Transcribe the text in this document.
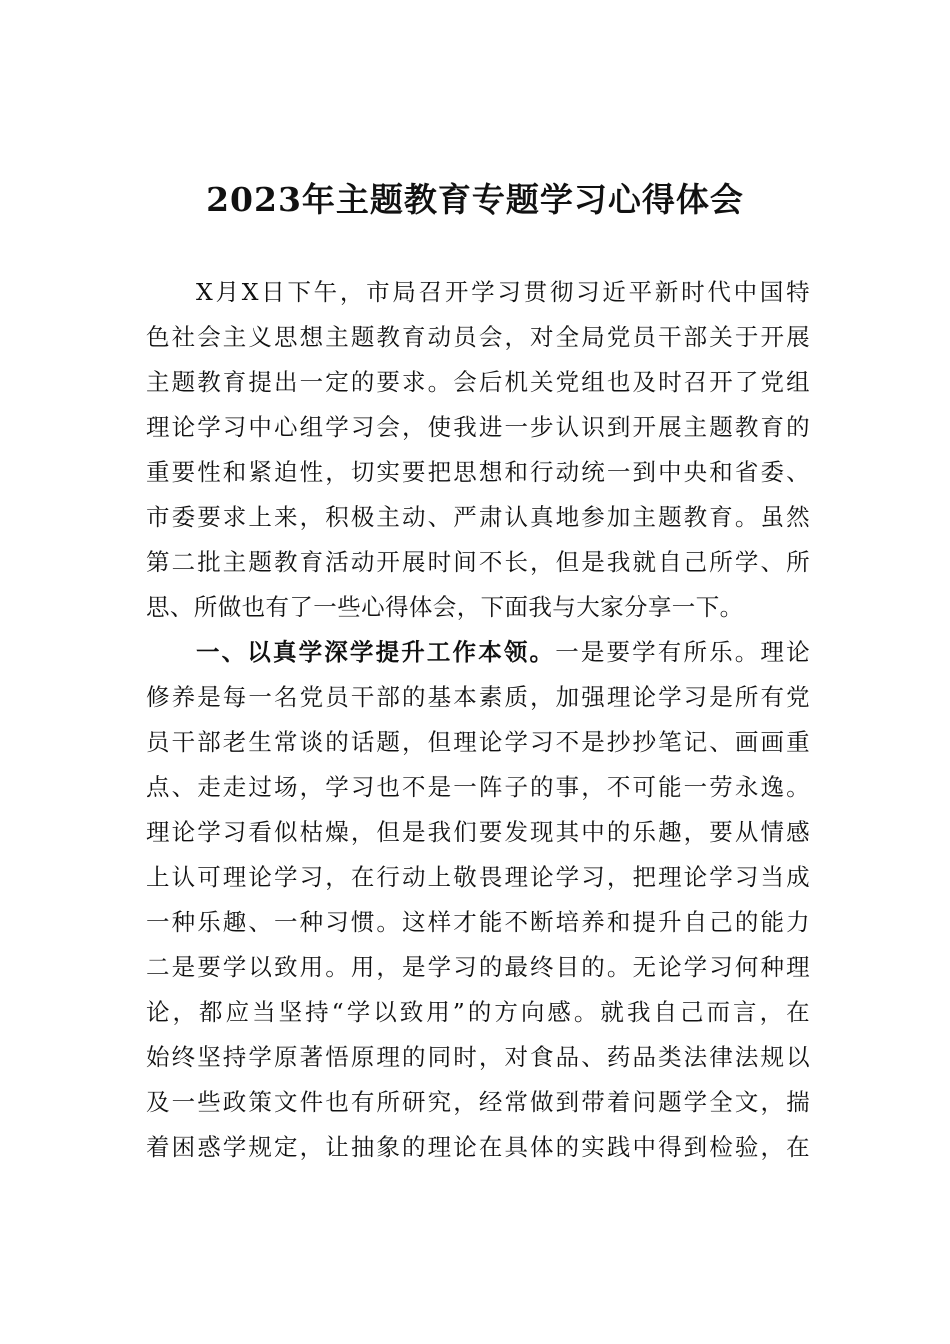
2023年主题教育专题学习心得体会
X月X日下午，市局召开学习贯彻习近平新时代中国特
色社会主义思想主题教育动员会，对全局党员干部关于开展
主题教育提出一定的要求。会后机关党组也及时召开了党组
理论学习中心组学习会，使我进一步认识到开展主题教育的
重要性和紧迫性，切实要把思想和行动统一到中央和省委、
市委要求上来，积极主动、严肃认真地参加主题教育。虽然
第二批主题教育活动开展时间不长，但是我就自己所学、所
思、所做也有了一些心得体会，下面我与大家分享一下。
一、以真学深学提升工作本领。一是要学有所乐。理论
修养是每一名党员干部的基本素质，加强理论学习是所有党
员干部老生常谈的话题，但理论学习不是抄抄笔记、画画重
点、走走过场，学习也不是一阵子的事，不可能一劳永逸。
理论学习看似枯燥，但是我们要发现其中的乐趣，要从情感
上认可理论学习，在行动上敬畏理论学习，把理论学习当成
一种乐趣、一种习惯。这样才能不断培养和提升自己的能力
二是要学以致用。用，是学习的最终目的。无论学习何种理
论，都应当坚持“学以致用”的方向感。就我自己而言，在
始终坚持学原著悟原理的同时，对食品、药品类法律法规以
及一些政策文件也有所研究，经常做到带着问题学全文，揣
着困惑学规定，让抽象的理论在具体的实践中得到检验，在
